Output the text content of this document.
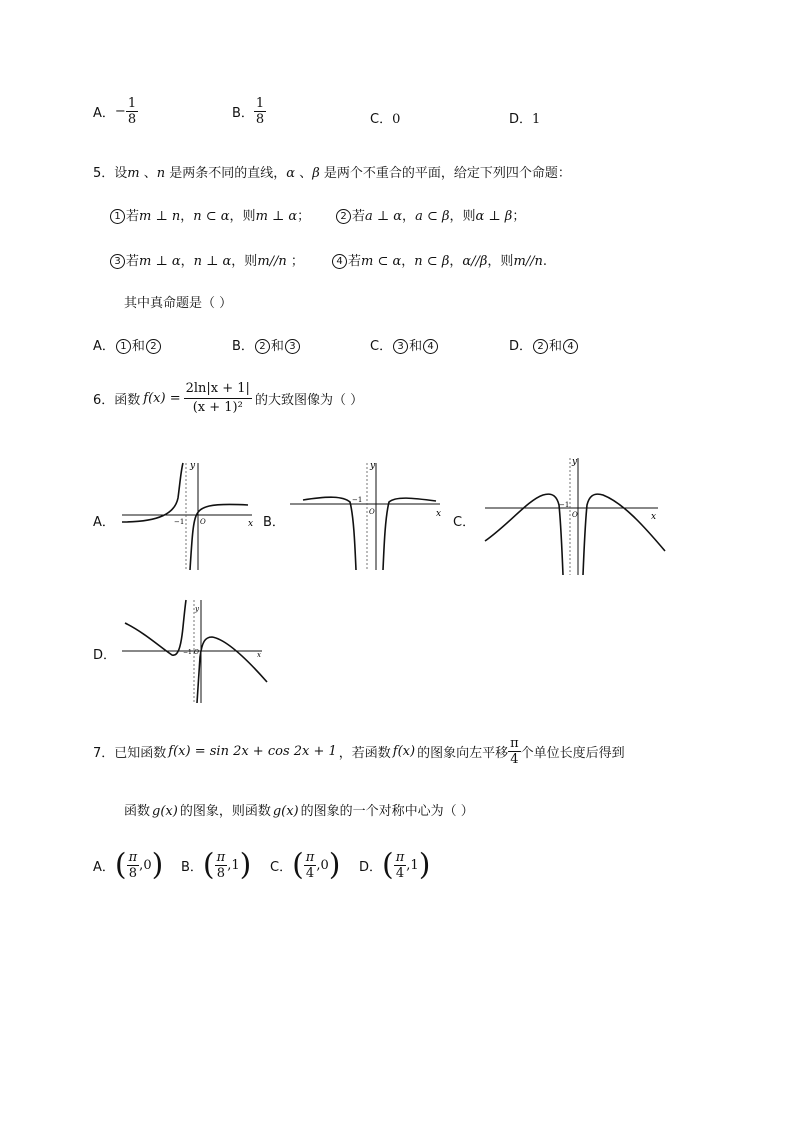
A．− $\frac{1}{8}$	B． $\frac{1}{8}$	C．0	D．1
5．设m 、n 是两条不同的直线，α 、β 是两个不重合的平面，给定下列四个命题：
1 若m ⊥ n，n ⊂ α，则m ⊥ α；	2 若a ⊥ α，a ⊂ β，则α ⊥ β；
3 若m ⊥ α，n ⊥ α，则m//n ；	4 若m ⊂ α，n ⊂ β，α//β，则m//n.
其中真命题是（ ）
A． 1 和 2	B． 2 和 3	C． 3 和 4	D． 2 和 4
6．函数 $f(x) = \frac{2\ln|x + 1|}{\text{(x + 1)²}}$ 的大致图像为（ ）
A．	B．	C．
D．
x
y
−1 O
x
y
−1
O	x
y
−1
O
x
y
−1 O
7．已知函数 f(x) = sin 2x + cos 2x + 1 ，若函数 f(x) 的图象向左平移 $\frac{\pi}{4}$ 个单位长度后得到
函数 g(x) 的图象，则函数 g(x) 的图象的一个对称中心为（ ）
A．( $\frac{\pi}{8} ,0$) B．( $\frac{\pi}{8} ,1$) C．( $\frac{\pi}{4} ,0$) D．( $\frac{\pi}{4} ,1$)
